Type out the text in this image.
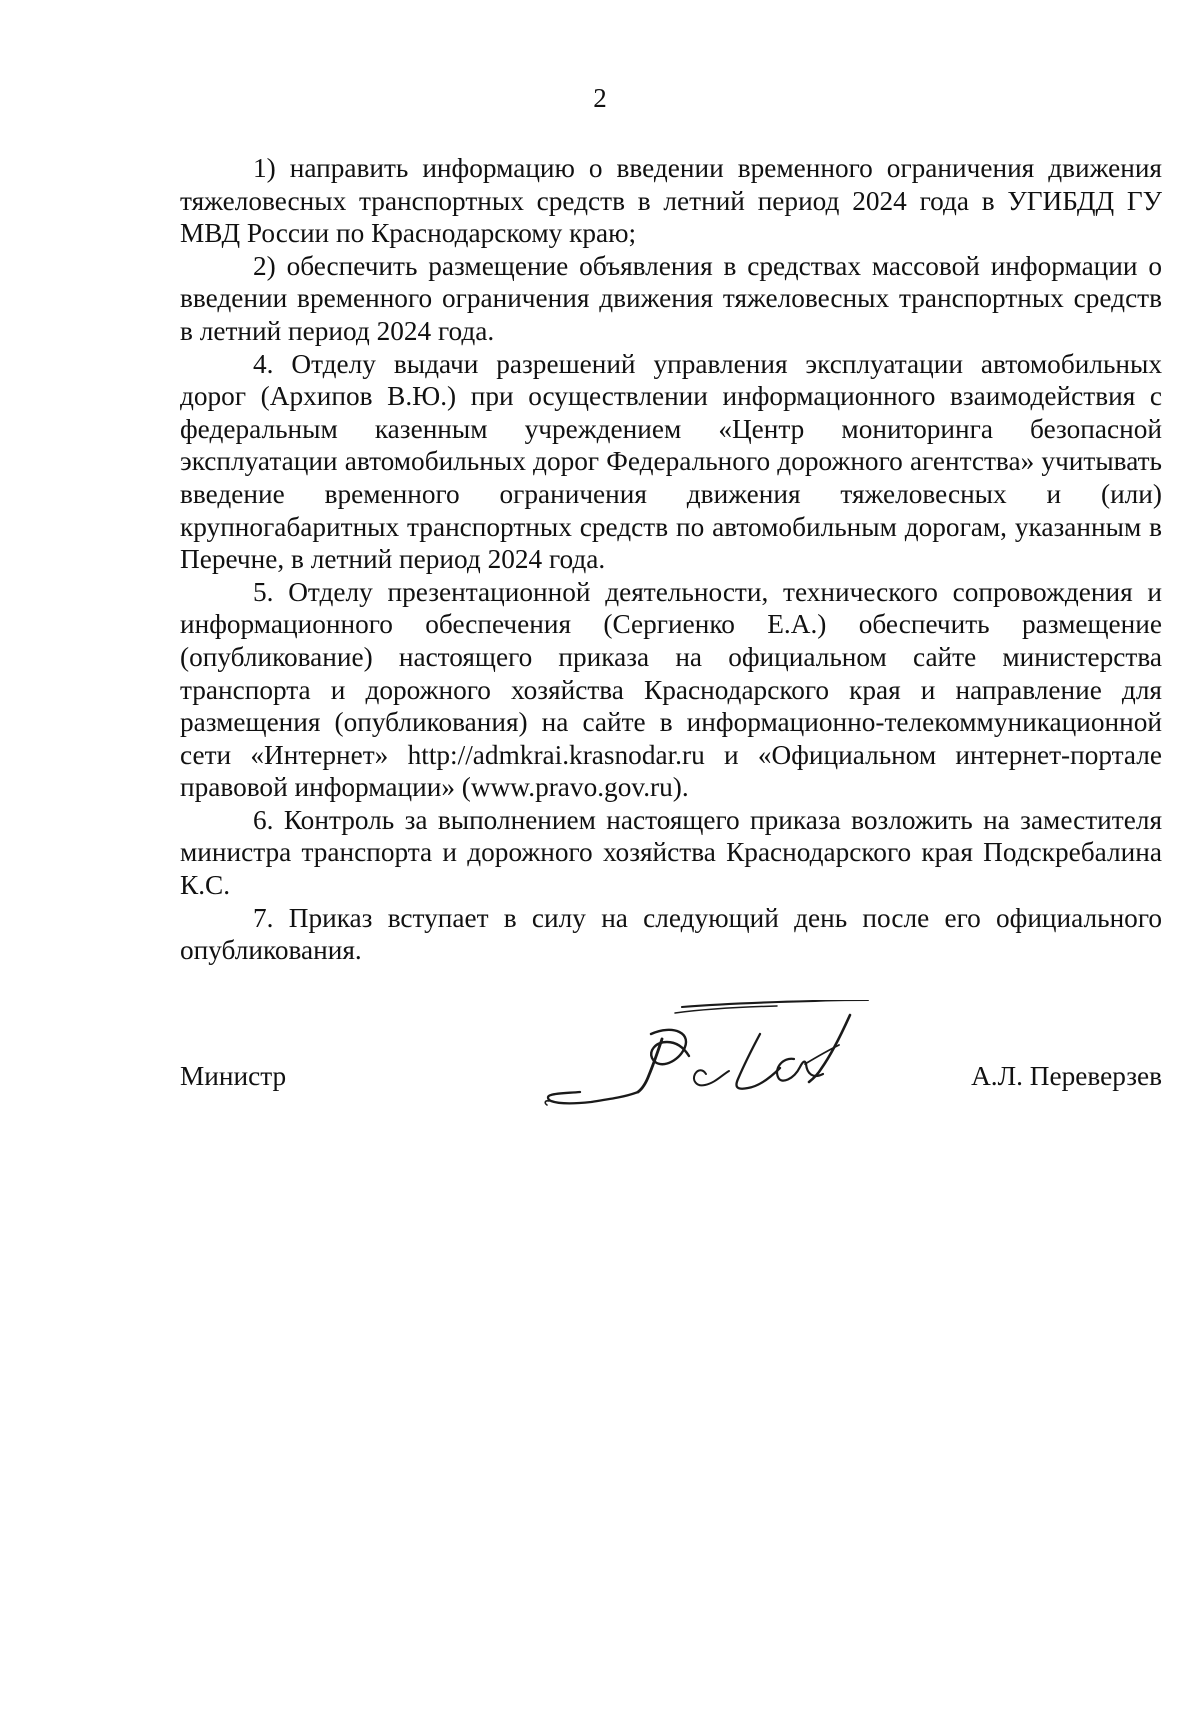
2

1) направить информацию о введении временного ограничения движения тяжеловесных транспортных средств в летний период 2024 года в УГИБДД ГУ МВД России по Краснодарскому краю;

2) обеспечить размещение объявления в средствах массовой информации о введении временного ограничения движения тяжеловесных транспортных средств в летний период 2024 года.

4. Отделу выдачи разрешений управления эксплуатации автомобильных дорог (Архипов В.Ю.) при осуществлении информационного взаимодействия с федеральным казенным учреждением «Центр мониторинга безопасной эксплуатации автомобильных дорог Федерального дорожного агентства» учитывать введение временного ограничения движения тяжеловесных и (или) крупногабаритных транспортных средств по автомобильным дорогам, указанным в Перечне, в летний период 2024 года.

5. Отделу презентационной деятельности, технического сопровождения и информационного обеспечения (Сергиенко Е.А.) обеспечить размещение (опубликование) настоящего приказа на официальном сайте министерства транспорта и дорожного хозяйства Краснодарского края и направление для размещения (опубликования) на сайте в информационно-телекоммуникационной сети «Интернет» http://admkrai.krasnodar.ru и «Официальном интернет-портале правовой информации» (www.pravo.gov.ru).

6. Контроль за выполнением настоящего приказа возложить на заместителя министра транспорта и дорожного хозяйства Краснодарского края Подскребалина К.С.

7. Приказ вступает в силу на следующий день после его официального опубликования.

Министр	А.Л. Переверзев
